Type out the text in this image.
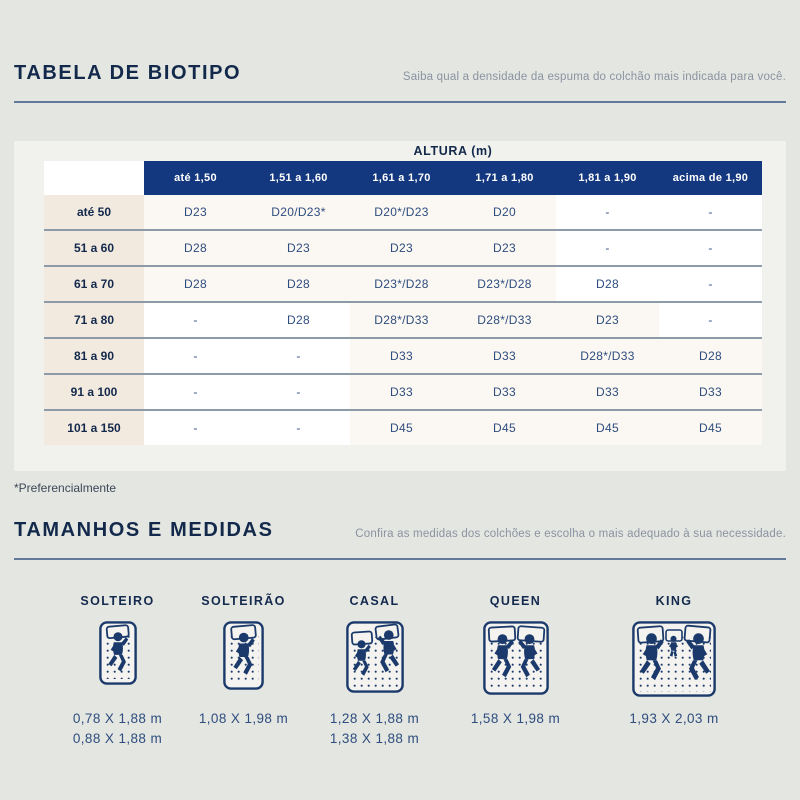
TABELA DE BIOTIPO	Saiba qual a densidade da espuma do colchão mais indicada para você.
ALTURA (m)
	até 1,50	1,51 a 1,60	1,61 a 1,70	1,71 a 1,80	1,81 a 1,90	acima de 1,90
até 50	D23	D20/D23*	D20*/D23	D20	-	-
51 a 60	D28	D23	D23	D23	-	-
61 a 70	D28	D28	D23*/D28	D23*/D28	D28	-
71 a 80	-	D28	D28*/D33	D28*/D33	D23	-
81 a 90	-	-	D33	D33	D28*/D33	D28
91 a 100	-	-	D33	D33	D33	D33
101 a 150	-	-	D45	D45	D45	D45

*Preferencialmente

TAMANHOS E MEDIDAS	Confira as medidas dos colchões e escolha o mais adequado à sua necessidade.
SOLTEIRO
0,78 X 1,88 m
0,88 X 1,88 m
SOLTEIRÃO
1,08 X 1,98 m
CASAL
1,28 X 1,88 m
1,38 X 1,88 m
QUEEN
1,58 X 1,98 m
KING
1,93 X 2,03 m
